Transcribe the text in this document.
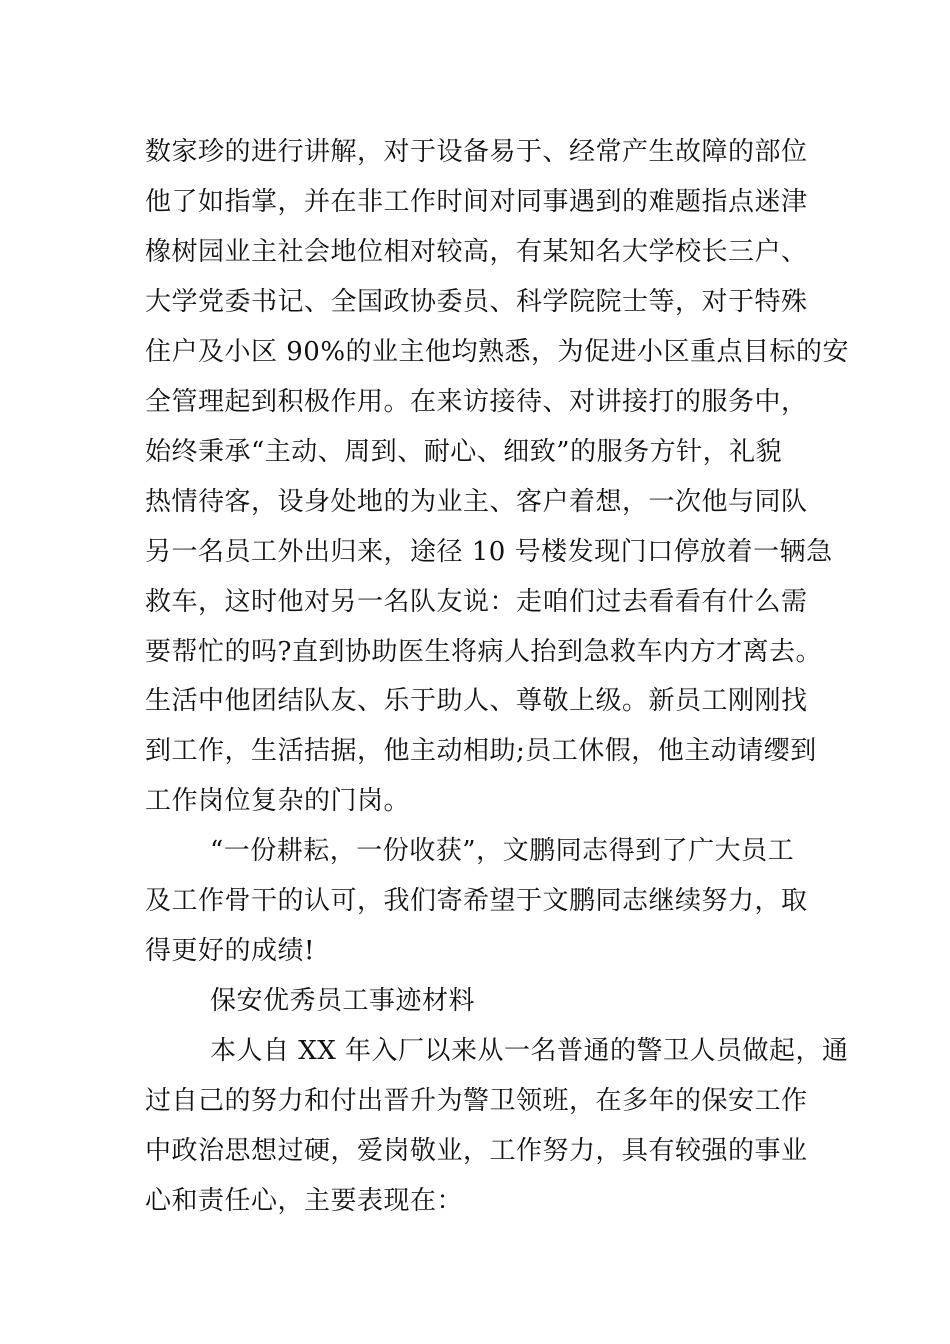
数家珍的进行讲解，对于设备易于、经常产生故障的部位
他了如指掌，并在非工作时间对同事遇到的难题指点迷津
橡树园业主社会地位相对较高，有某知名大学校长三户、
大学党委书记、全国政协委员、科学院院士等，对于特殊
住户及小区 90%的业主他均熟悉，为促进小区重点目标的安
全管理起到积极作用。在来访接待、对讲接打的服务中，
始终秉承“主动、周到、耐心、细致”的服务方针，礼貌
热情待客，设身处地的为业主、客户着想，一次他与同队
另一名员工外出归来，途径 10 号楼发现门口停放着一辆急
救车，这时他对另一名队友说：走咱们过去看看有什么需
要帮忙的吗?直到协助医生将病人抬到急救车内方才离去。
生活中他团结队友、乐于助人、尊敬上级。新员工刚刚找
到工作，生活拮据，他主动相助;员工休假，他主动请缨到
工作岗位复杂的门岗。
“一份耕耘，一份收获”，文鹏同志得到了广大员工
及工作骨干的认可，我们寄希望于文鹏同志继续努力，取
得更好的成绩!
保安优秀员工事迹材料
本人自 XX 年入厂以来从一名普通的警卫人员做起，通
过自己的努力和付出晋升为警卫领班，在多年的保安工作
中政治思想过硬，爱岗敬业，工作努力，具有较强的事业
心和责任心，主要表现在：
